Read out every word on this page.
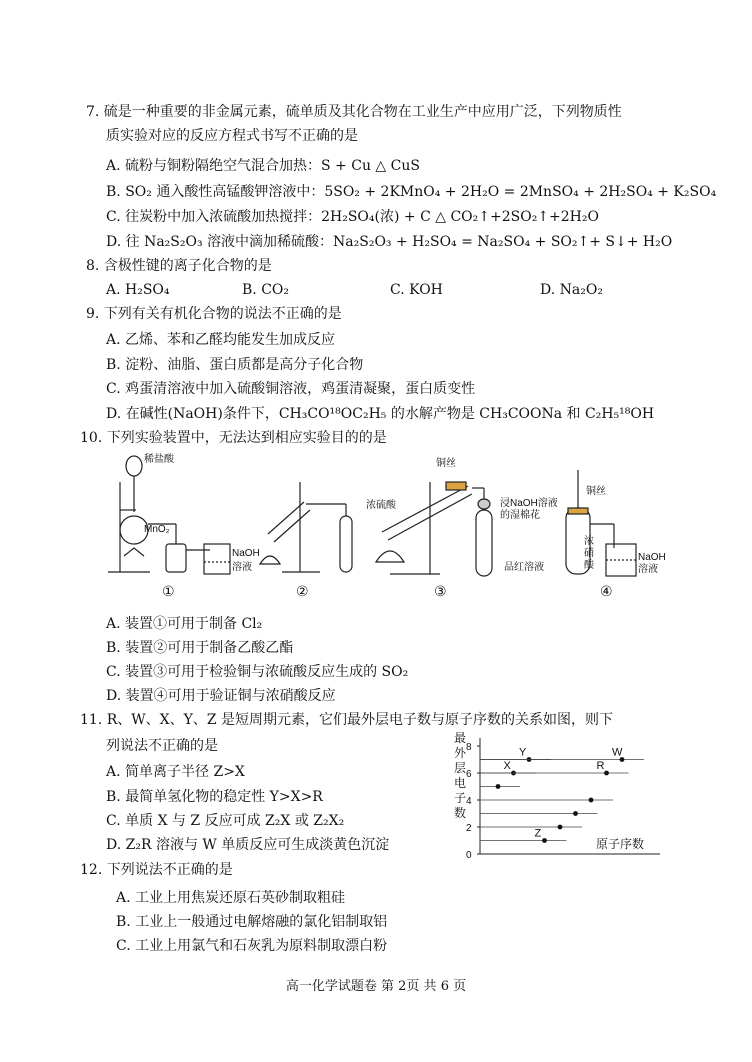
7. 硫是一种重要的非金属元素，硫单质及其化合物在工业生产中应用广泛，下列物质性
质实验对应的反应方程式书写不正确的是
A. 硫粉与铜粉隔绝空气混合加热：S + Cu △ CuS
B. SO₂ 通入酸性高锰酸钾溶液中：5SO₂ + 2KMnO₄ + 2H₂O = 2MnSO₄ + 2H₂SO₄ + K₂SO₄
C. 往炭粉中加入浓硫酸加热搅拌：2H₂SO₄(浓) + C △ CO₂↑+2SO₂↑+2H₂O
D. 往 Na₂S₂O₃ 溶液中滴加稀硫酸：Na₂S₂O₃ + H₂SO₄ = Na₂SO₄ + SO₂↑+ S↓+ H₂O
8. 含极性键的离子化合物的是
A. H₂SO₄	B. CO₂	C. KOH	D. Na₂O₂
9. 下列有关有机化合物的说法不正确的是
A. 乙烯、苯和乙醛均能发生加成反应
B. 淀粉、油脂、蛋白质都是高分子化合物
C. 鸡蛋清溶液中加入硫酸铜溶液，鸡蛋清凝聚，蛋白质变性
D. 在碱性(NaOH)条件下，CH₃CO¹⁸OC₂H₅ 的水解产物是 CH₃COONa 和 C₂H₅¹⁸OH
10. 下列实验装置中，无法达到相应实验目的的是
稀盐酸
MnO₂
NaOH
溶液
浓硫酸
铜丝
浸NaOH溶液
的湿棉花
品红溶液
铜丝
浓
硝
酸
NaOH
溶液
①	②	③	④
A. 装置①可用于制备 Cl₂
B. 装置②可用于制备乙酸乙酯
C. 装置③可用于检验铜与浓硫酸反应生成的 SO₂
D. 装置④可用于验证铜与浓硝酸反应
11. R、W、X、Y、Z 是短周期元素，它们最外层电子数与原子序数的关系如图，则下
列说法不正确的是
A. 简单离子半径 Z>X
B. 最简单氢化物的稳定性 Y>X>R
C. 单质 X 与 Z 反应可成 Z₂X 或 Z₂X₂
D. Z₂R 溶液与 W 单质反应可生成淡黄色沉淀
最
外
层
电
子
数
0
2
4
6
8
原子序数
Y	W
X	R
Z
12. 下列说法不正确的是
A. 工业上用焦炭还原石英砂制取粗硅
B. 工业上一般通过电解熔融的氯化铝制取铝
C. 工业上用氯气和石灰乳为原料制取漂白粉
高一化学试题卷 第 2页 共 6 页
